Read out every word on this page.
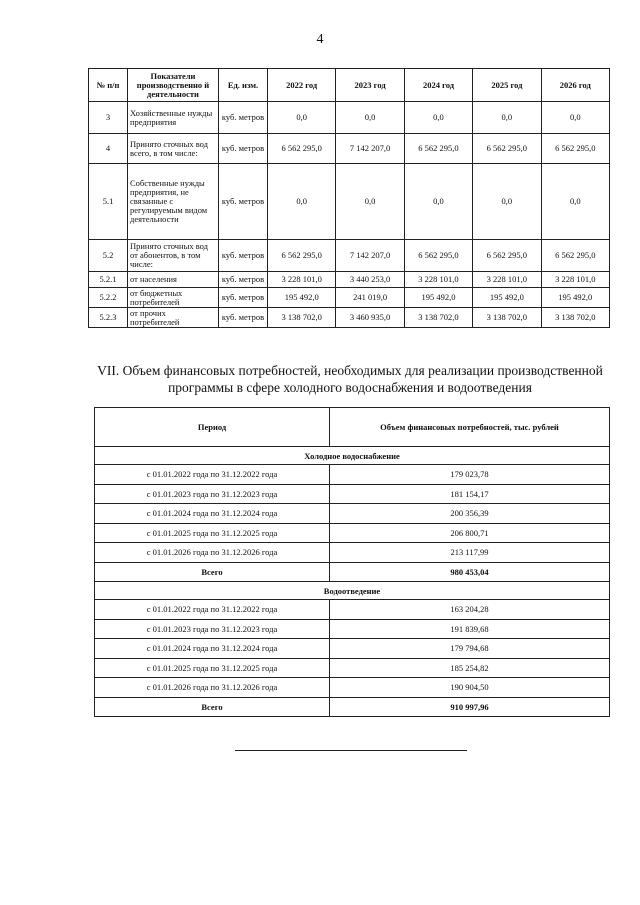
4
№ п/п	Показатели производственно й деятельности	Ед. изм.	2022 год	2023 год	2024 год	2025 год	2026 год
3	Хозяйственные нужды предприятия	куб. метров	0,0	0,0	0,0	0,0	0,0
4	Принято сточных вод всего, в том числе:	куб. метров	6 562 295,0	7 142 207,0	6 562 295,0	6 562 295,0	6 562 295,0
5.1	Собственные нужды предприятия, не связанные с регулируемым видом деятельности	куб. метров	0,0	0,0	0,0	0,0	0,0
5.2	Принято сточных вод от абонентов, в том числе:	куб. метров	6 562 295,0	7 142 207,0	6 562 295,0	6 562 295,0	6 562 295,0
5.2.1	от населения	куб. метров	3 228 101,0	3 440 253,0	3 228 101,0	3 228 101,0	3 228 101,0
5.2.2	от бюджетных потребителей	куб. метров	195 492,0	241 019,0	195 492,0	195 492,0	195 492,0
5.2.3	от прочих потребителей	куб. метров	3 138 702,0	3 460 935,0	3 138 702,0	3 138 702,0	3 138 702,0
VII. Объем финансовых потребностей, необходимых для реализации производственной программы в сфере холодного водоснабжения и водоотведения
Период	Объем финансовых потребностей, тыс. рублей
Холодное водоснабжение	
с 01.01.2022 года по 31.12.2022 года	179 023,78
с 01.01.2023 года по 31.12.2023 года	181 154,17
с 01.01.2024 года по 31.12.2024 года	200 356,39
с 01.01.2025 года по 31.12.2025 года	206 800,71
с 01.01.2026 года по 31.12.2026 года	213 117,99
Всего	980 453,04
Водоотведение	
с 01.01.2022 года по 31.12.2022 года	163 204,28
с 01.01.2023 года по 31.12.2023 года	191 839,68
с 01.01.2024 года по 31.12.2024 года	179 794,68
с 01.01.2025 года по 31.12.2025 года	185 254,82
с 01.01.2026 года по 31.12.2026 года	190 904,50
Всего	910 997,96
